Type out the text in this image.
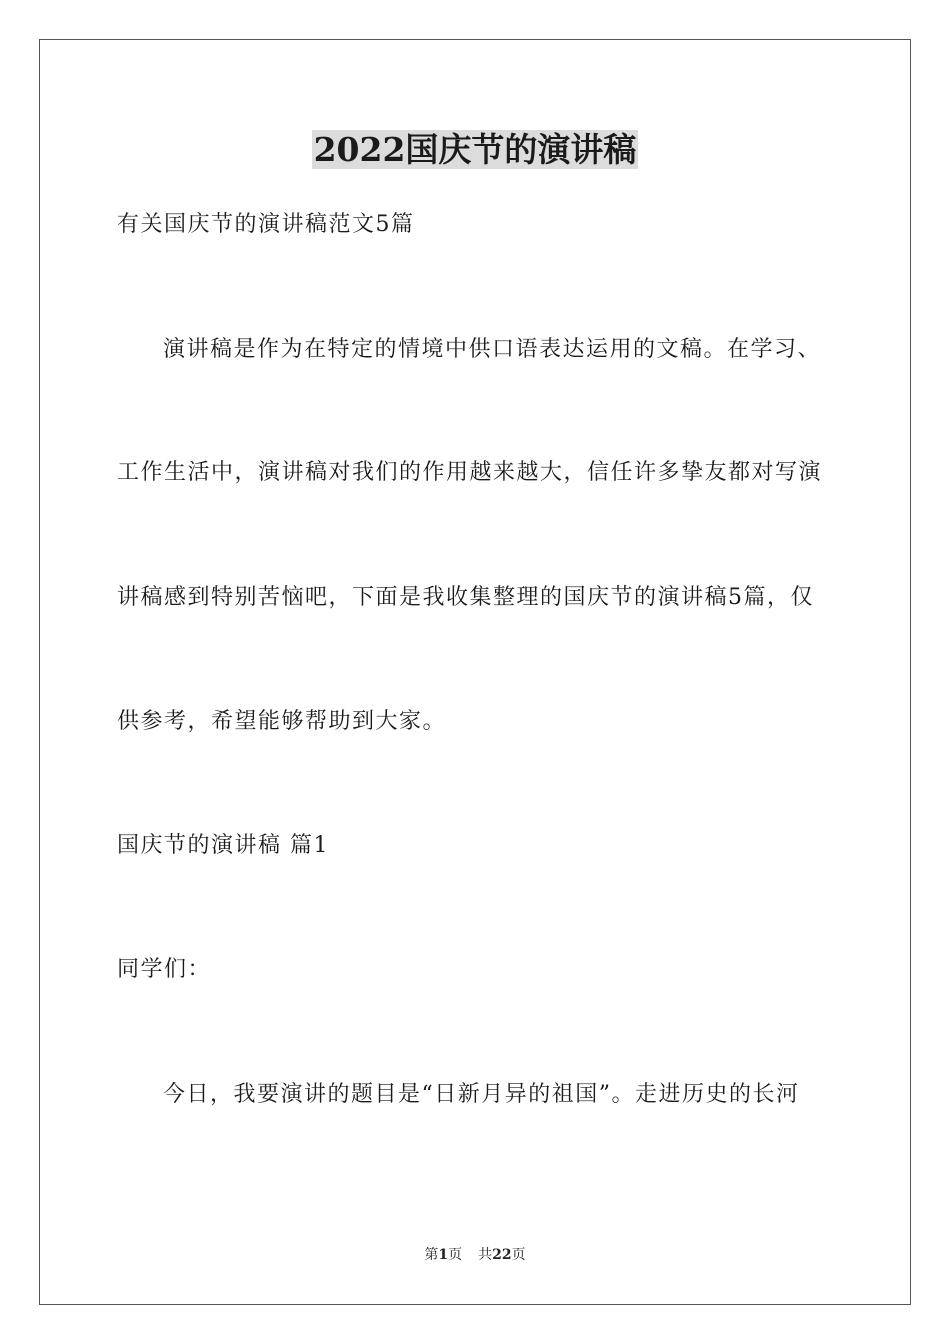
2022国庆节的演讲稿
有关国庆节的演讲稿范文5篇
演讲稿是作为在特定的情境中供口语表达运用的文稿。在学习、
工作生活中，演讲稿对我们的作用越来越大，信任许多挚友都对写演
讲稿感到特别苦恼吧，下面是我收集整理的国庆节的演讲稿5篇，仅
供参考，希望能够帮助到大家。
国庆节的演讲稿 篇1
同学们：
今日，我要演讲的题目是“日新月异的祖国”。走进历史的长河
第1页 共22页
